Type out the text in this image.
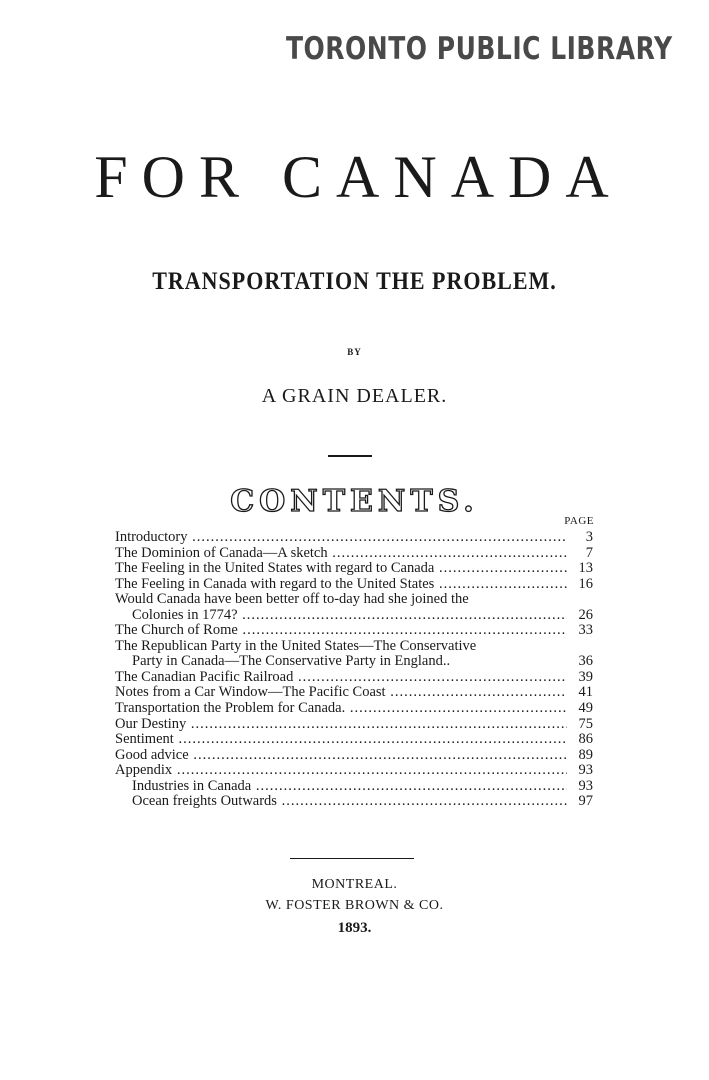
TORONTO PUBLIC LIBRARY
FOR CANADA
TRANSPORTATION THE PROBLEM.
BY
A GRAIN DEALER.
CONTENTS.
PAGE
Introductory .....	3
The Dominion of Canada—A sketch .....	7
The Feeling in the United States with regard to Canada .....	13
The Feeling in Canada with regard to the United States .....	16
Would Canada have been better off to-day had she joined the
Colonies in 1774? .....	26
The Church of Rome .....	33
The Republican Party in the United States—The Conservative
Party in Canada—The Conservative Party in England..	36
The Canadian Pacific Railroad .....	39
Notes from a Car Window—The Pacific Coast .....	41
Transportation the Problem for Canada. .....	49
Our Destiny .....	75
Sentiment .....	86
Good advice .....	89
Appendix .....	93
Industries in Canada .....	93
Ocean freights Outwards .....	97
MONTREAL.
W. FOSTER BROWN & CO.
1893.
